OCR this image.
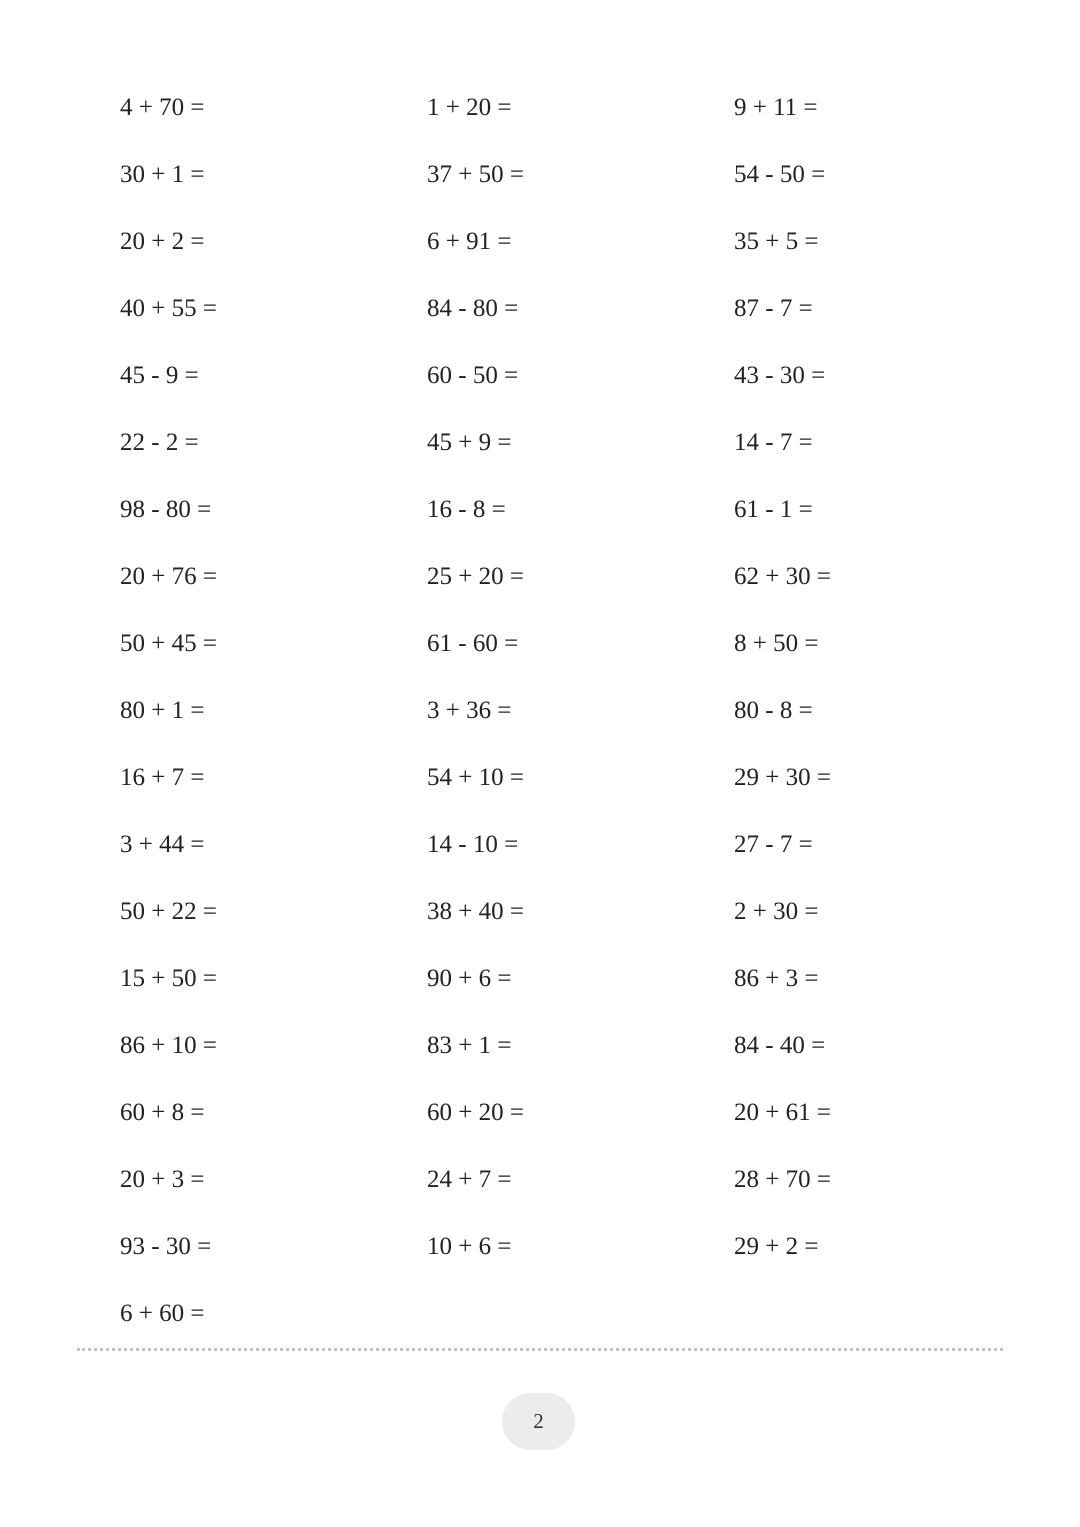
4 + 70 =	1 + 20 =	9 + 11 =
30 + 1 =	37 + 50 =	54 - 50 =
20 + 2 =	6 + 91 =	35 + 5 =
40 + 55 =	84 - 80 =	87 - 7 =
45 - 9 =	60 - 50 =	43 - 30 =
22 - 2 =	45 + 9 =	14 - 7 =
98 - 80 =	16 - 8 =	61 - 1 =
20 + 76 =	25 + 20 =	62 + 30 =
50 + 45 =	61 - 60 =	8 + 50 =
80 + 1 =	3 + 36 =	80 - 8 =
16 + 7 =	54 + 10 =	29 + 30 =
3 + 44 =	14 - 10 =	27 - 7 =
50 + 22 =	38 + 40 =	2 + 30 =
15 + 50 =	90 + 6 =	86 + 3 =
86 + 10 =	83 + 1 =	84 - 40 =
60 + 8 =	60 + 20 =	20 + 61 =
20 + 3 =	24 + 7 =	28 + 70 =
93 - 30 =	10 + 6 =	29 + 2 =
6 + 60 =
2
